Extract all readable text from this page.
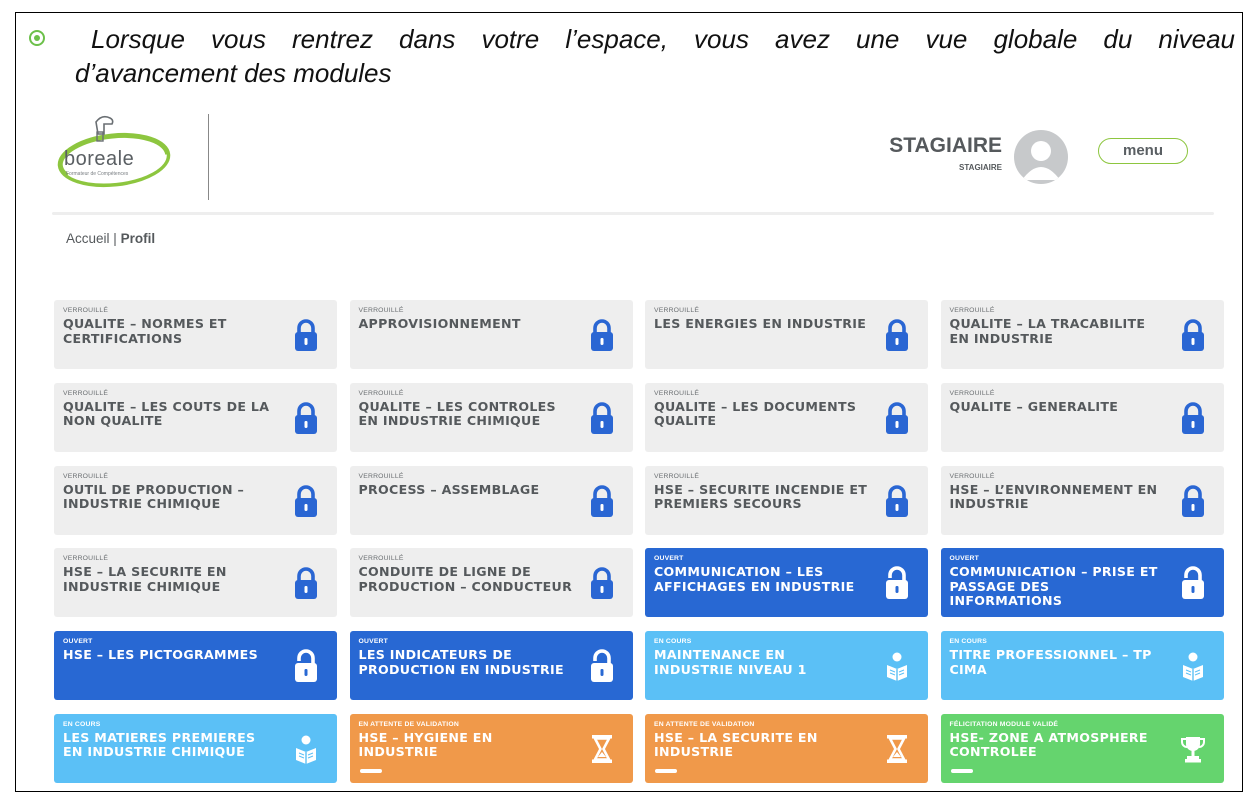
Lorsque vous rentrez dans votre l’espace, vous avez une vue globale du niveau
d’avancement des modules
boreale
Formateur de Compétences
STAGIAIRE
STAGIAIRE
menu
Accueil | Profil
VERROUILLÉ
QUALITE – NORMES ET CERTIFICATIONS
VERROUILLÉ
APPROVISIONNEMENT
VERROUILLÉ
LES ENERGIES EN INDUSTRIE
VERROUILLÉ
QUALITE – LA TRACABILITE EN INDUSTRIE
VERROUILLÉ
QUALITE – LES COUTS DE LA NON QUALITE
VERROUILLÉ
QUALITE – LES CONTROLES EN INDUSTRIE CHIMIQUE
VERROUILLÉ
QUALITE – LES DOCUMENTS QUALITE
VERROUILLÉ
QUALITE – GENERALITE
VERROUILLÉ
OUTIL DE PRODUCTION – INDUSTRIE CHIMIQUE
VERROUILLÉ
PROCESS – ASSEMBLAGE
VERROUILLÉ
HSE – SECURITE INCENDIE ET PREMIERS SECOURS
VERROUILLÉ
HSE – L’ENVIRONNEMENT EN INDUSTRIE
VERROUILLÉ
HSE – LA SECURITE EN INDUSTRIE CHIMIQUE
VERROUILLÉ
CONDUITE DE LIGNE DE PRODUCTION – CONDUCTEUR
OUVERT
COMMUNICATION – LES AFFICHAGES EN INDUSTRIE
OUVERT
COMMUNICATION – PRISE ET PASSAGE DES INFORMATIONS
OUVERT
HSE – LES PICTOGRAMMES
OUVERT
LES INDICATEURS DE PRODUCTION EN INDUSTRIE
EN COURS
MAINTENANCE EN INDUSTRIE NIVEAU 1
EN COURS
TITRE PROFESSIONNEL – TP CIMA
EN COURS
LES MATIERES PREMIERES EN INDUSTRIE CHIMIQUE
EN ATTENTE DE VALIDATION
HSE – HYGIENE EN INDUSTRIE
EN ATTENTE DE VALIDATION
HSE – LA SECURITE EN INDUSTRIE
FÉLICITATION MODULE VALIDÉ
HSE- ZONE A ATMOSPHERE CONTROLEE
